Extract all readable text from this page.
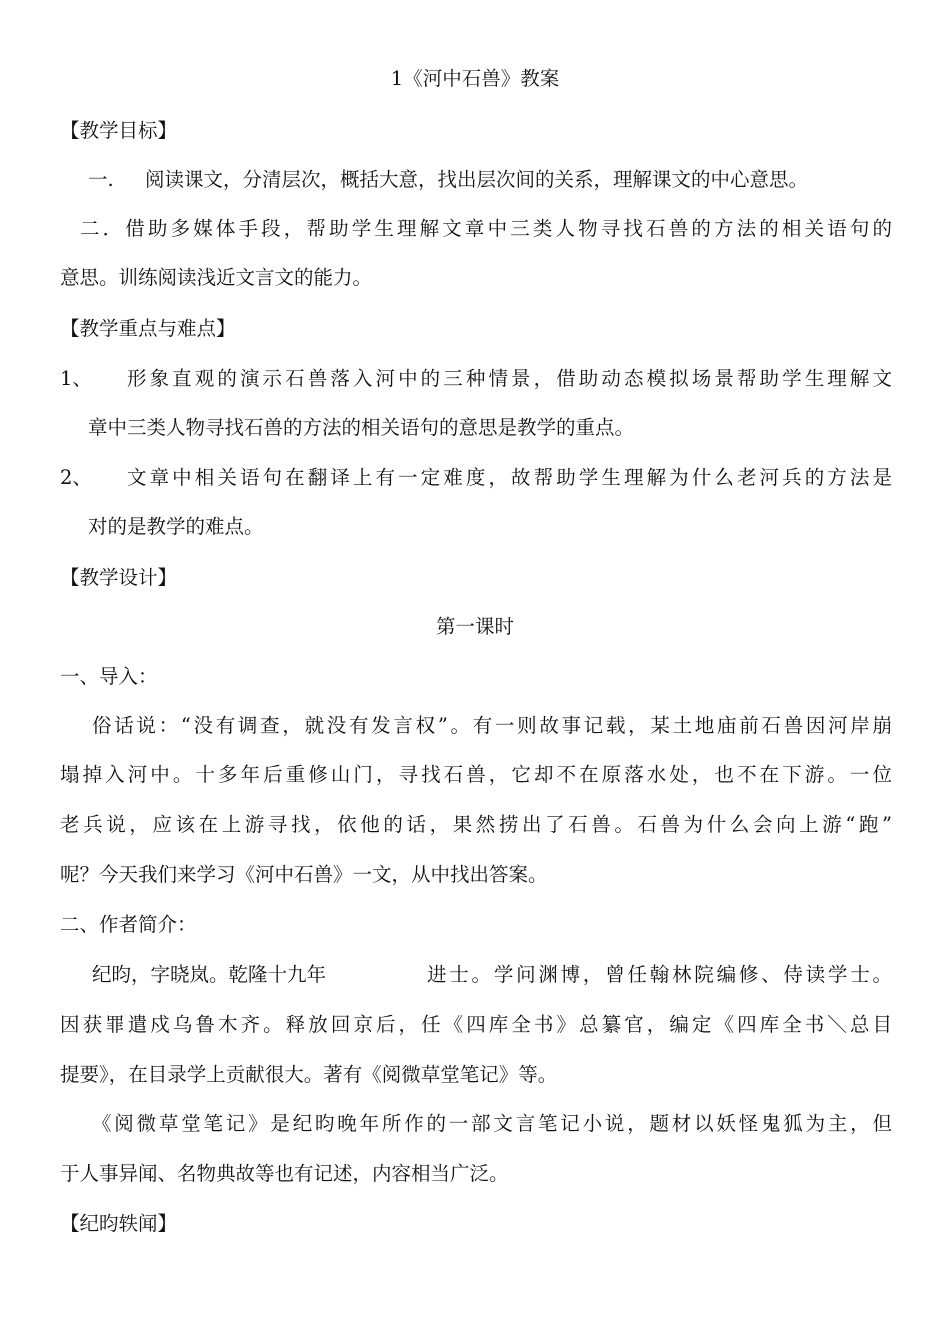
1《河中石兽》教案
【教学目标】
一. 阅读课文，分清层次，概括大意，找出层次间的关系，理解课文的中心意思。
二．借助多媒体手段，帮助学生理解文章中三类人物寻找石兽的方法的相关语句的
意思。训练阅读浅近文言文的能力。
【教学重点与难点】
1、 形象直观的演示石兽落入河中的三种情景，借助动态模拟场景帮助学生理解文
章中三类人物寻找石兽的方法的相关语句的意思是教学的重点。
2、 文章中相关语句在翻译上有一定难度，故帮助学生理解为什么老河兵的方法是
对的是教学的难点。
【教学设计】
第一课时
一、导入：
俗话说：“没有调查，就没有发言权”。有一则故事记载，某土地庙前石兽因河岸崩
塌掉入河中。十多年后重修山门，寻找石兽，它却不在原落水处，也不在下游。一位
老兵说，应该在上游寻找，依他的话，果然捞出了石兽。石兽为什么会向上游“跑”
呢？今天我们来学习《河中石兽》一文，从中找出答案。
二、作者简介：
纪昀，字晓岚。乾隆十九年	进士。学问渊博，曾任翰林院编修、侍读学士。
因获罪遣戍乌鲁木齐。释放回京后，任《四库全书》总纂官，编定《四库全书＼总目
提要》，在目录学上贡献很大。著有《阅微草堂笔记》等。
《阅微草堂笔记》是纪昀晚年所作的一部文言笔记小说，题材以妖怪鬼狐为主，但
于人事异闻、名物典故等也有记述，内容相当广泛。
【纪昀轶闻】
